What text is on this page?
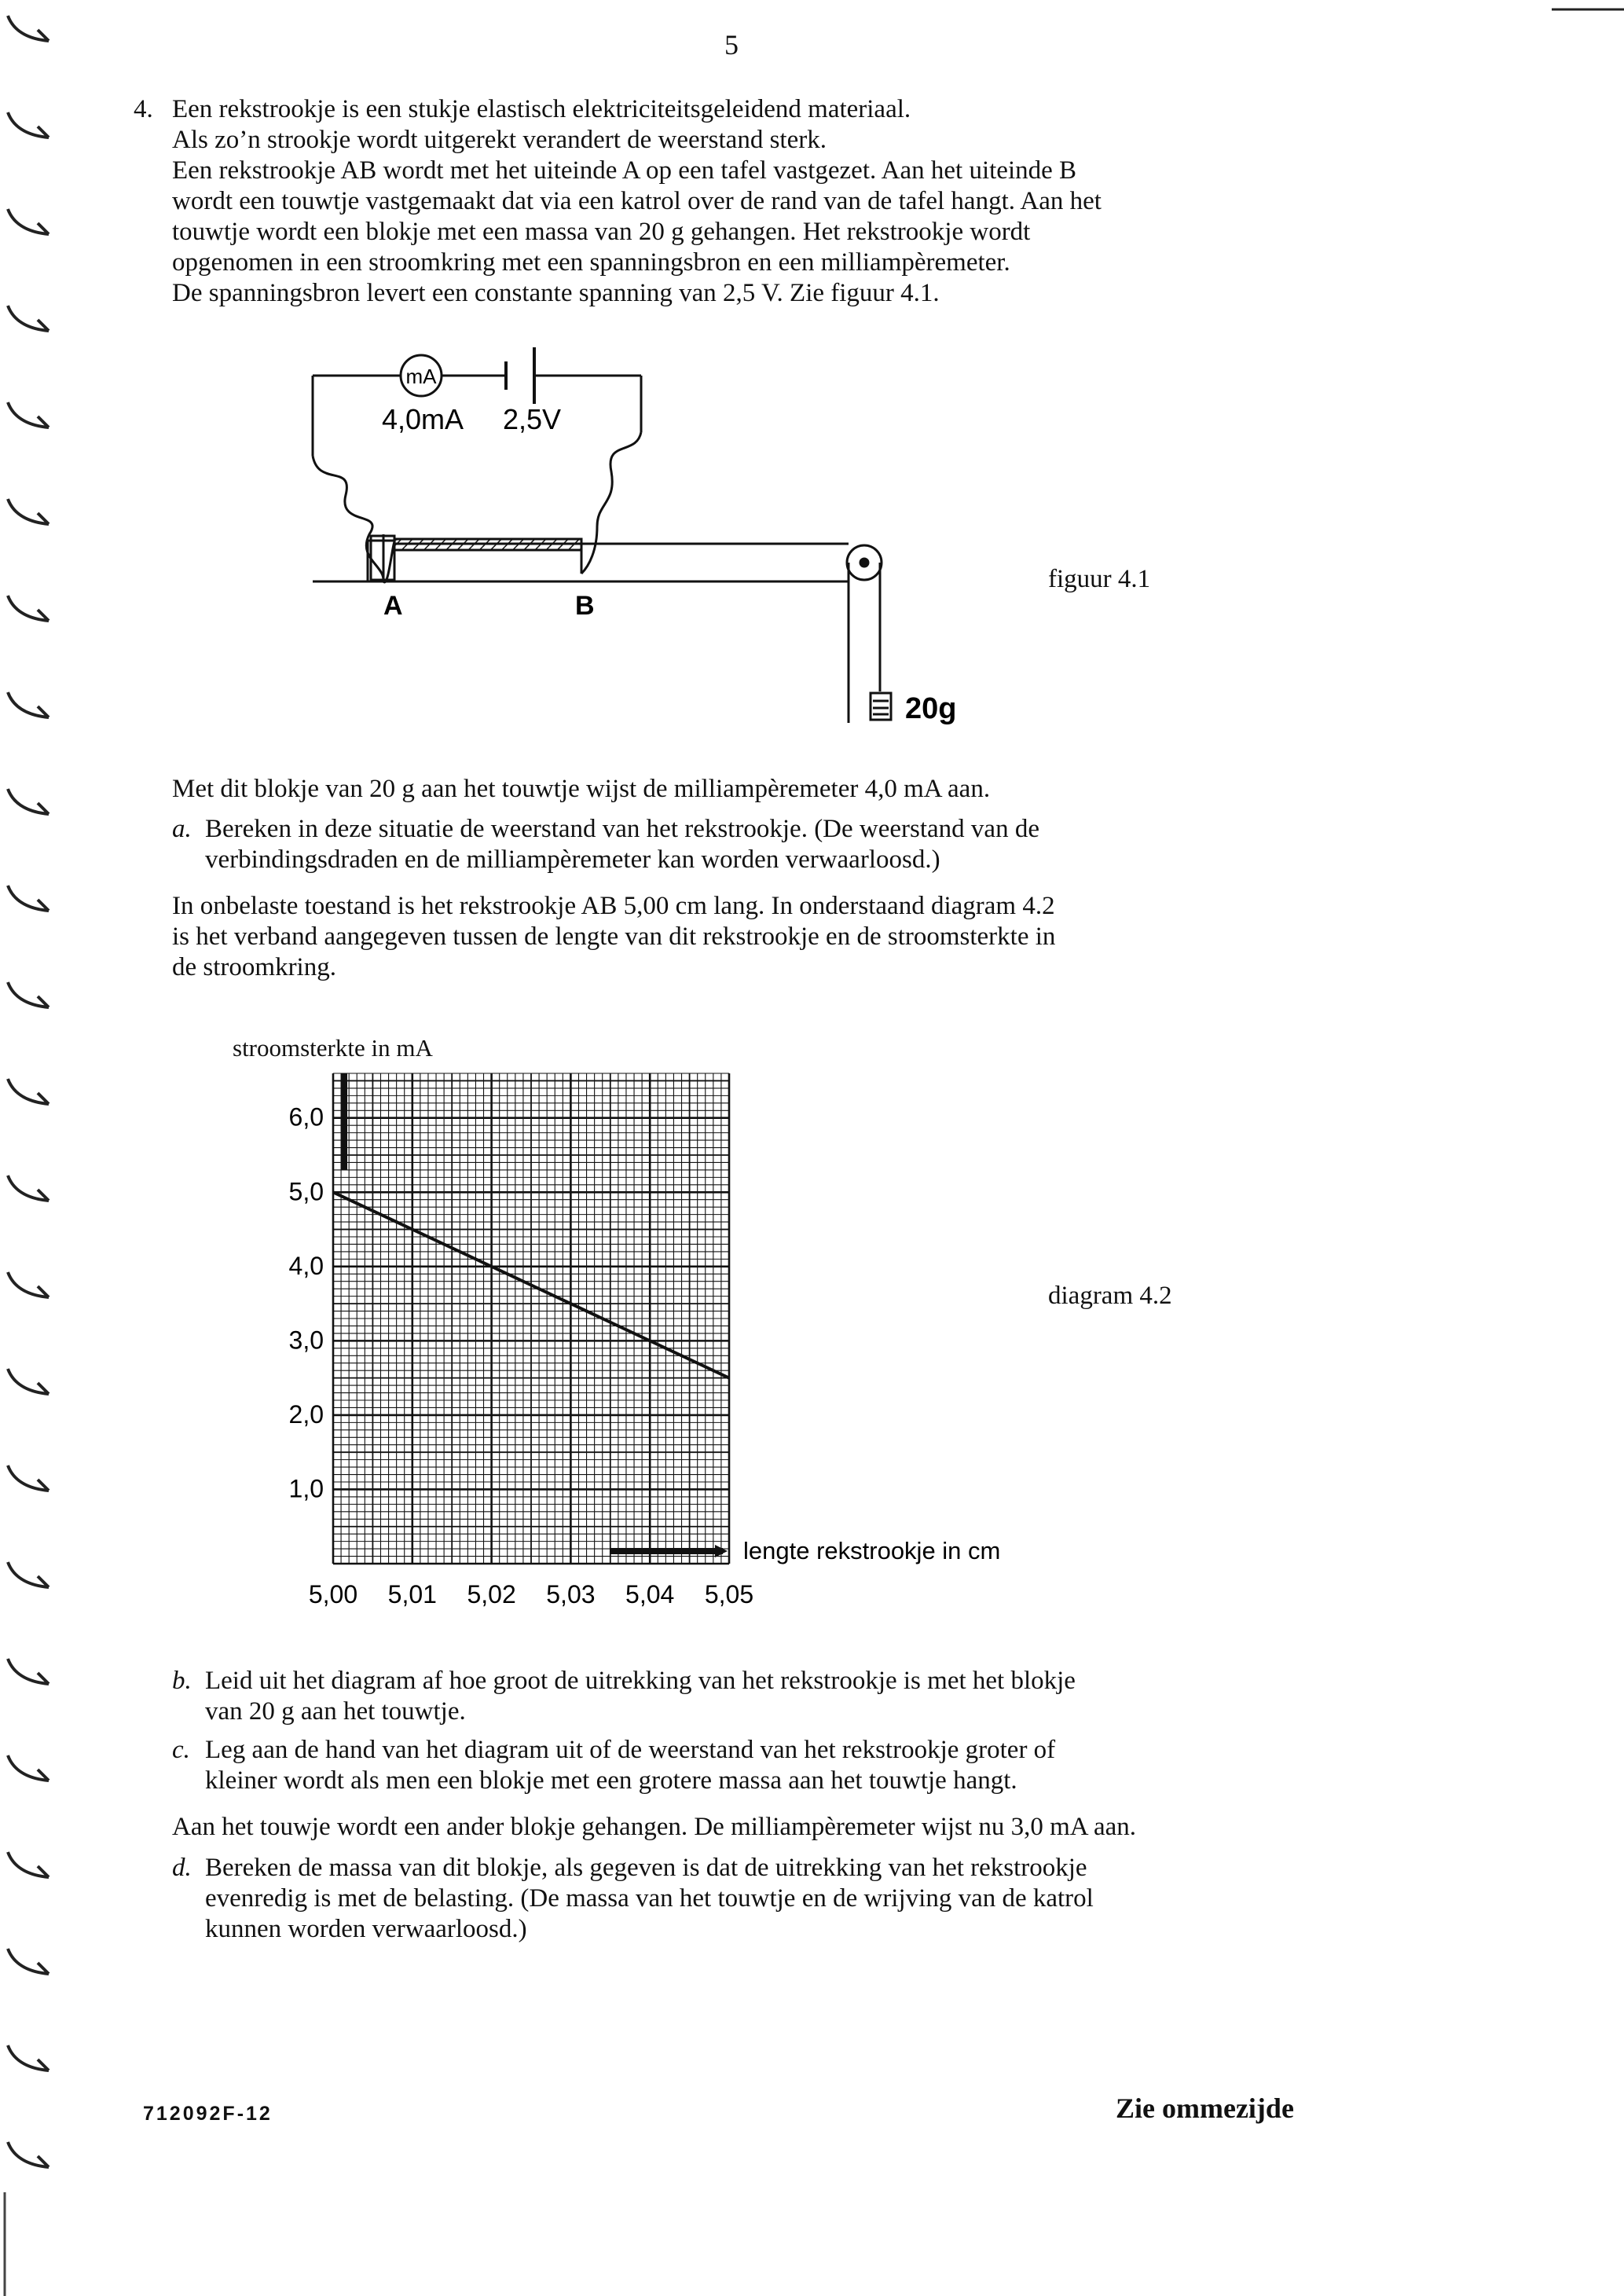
5
4. Een rekstrookje is een stukje elastisch elektriciteitsgeleidend materiaal.
Als zo’n strookje wordt uitgerekt verandert de weerstand sterk.
Een rekstrookje AB wordt met het uiteinde A op een tafel vastgezet. Aan het uiteinde B
wordt een touwtje vastgemaakt dat via een katrol over de rand van de tafel hangt. Aan het
touwtje wordt een blokje met een massa van 20 g gehangen. Het rekstrookje wordt
opgenomen in een stroomkring met een spanningsbron en een milliampèremeter.
De spanningsbron levert een constante spanning van 2,5 V. Zie figuur 4.1.
mA
4,0mA 2,5V
A	B
20g
figuur 4.1
Met dit blokje van 20 g aan het touwtje wijst de milliampèremeter 4,0 mA aan.
a. Bereken in deze situatie de weerstand van het rekstrookje. (De weerstand van de
verbindingsdraden en de milliampèremeter kan worden verwaarloosd.)
In onbelaste toestand is het rekstrookje AB 5,00 cm lang. In onderstaand diagram 4.2
is het verband aangegeven tussen de lengte van dit rekstrookje en de stroomsterkte in
de stroomkring.
stroomsterkte in mA
1,0
2,0
3,0
4,0
5,0
6,0
5,00 5,01 5,02 5,03 5,04 5,05
lengte rekstrookje in cm
diagram 4.2
b. Leid uit het diagram af hoe groot de uitrekking van het rekstrookje is met het blokje
van 20 g aan het touwtje.
c. Leg aan de hand van het diagram uit of de weerstand van het rekstrookje groter of
kleiner wordt als men een blokje met een grotere massa aan het touwtje hangt.
Aan het touwje wordt een ander blokje gehangen. De milliampèremeter wijst nu 3,0 mA aan.
d. Bereken de massa van dit blokje, als gegeven is dat de uitrekking van het rekstrookje
evenredig is met de belasting. (De massa van het touwtje en de wrijving van de katrol
kunnen worden verwaarloosd.)
712092F-12	Zie ommezijde
